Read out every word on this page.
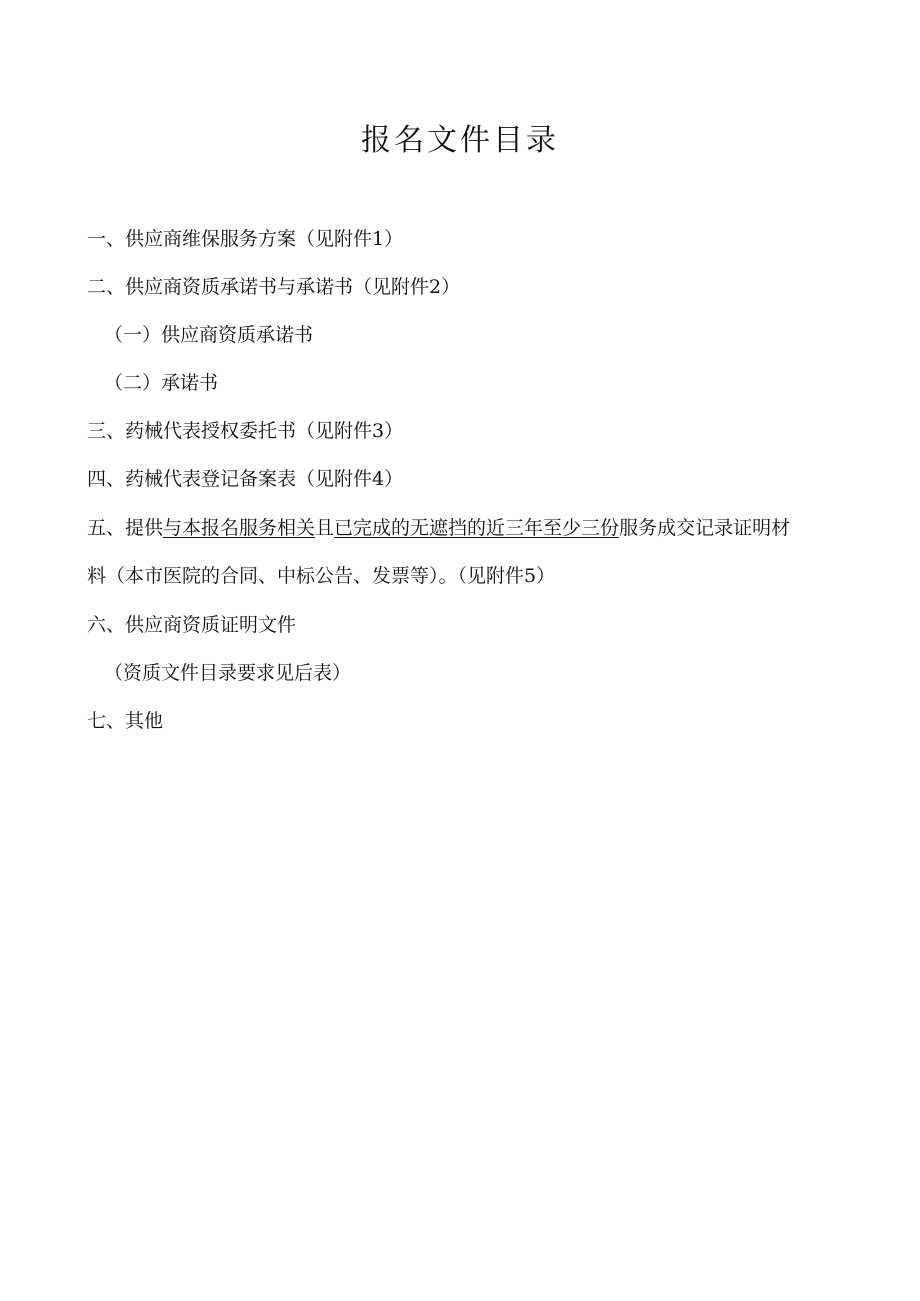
报名文件目录
一、供应商维保服务方案（见附件1）
二、供应商资质承诺书与承诺书（见附件2）
（一）供应商资质承诺书
（二）承诺书
三、药械代表授权委托书（见附件3）
四、药械代表登记备案表（见附件4）
五、提供与本报名服务相关且已完成的无遮挡的近三年至少三份服务成交记录证明材
料（本市医院的合同、中标公告、发票等）。（见附件5）
六、供应商资质证明文件
（资质文件目录要求见后表）
七、其他
